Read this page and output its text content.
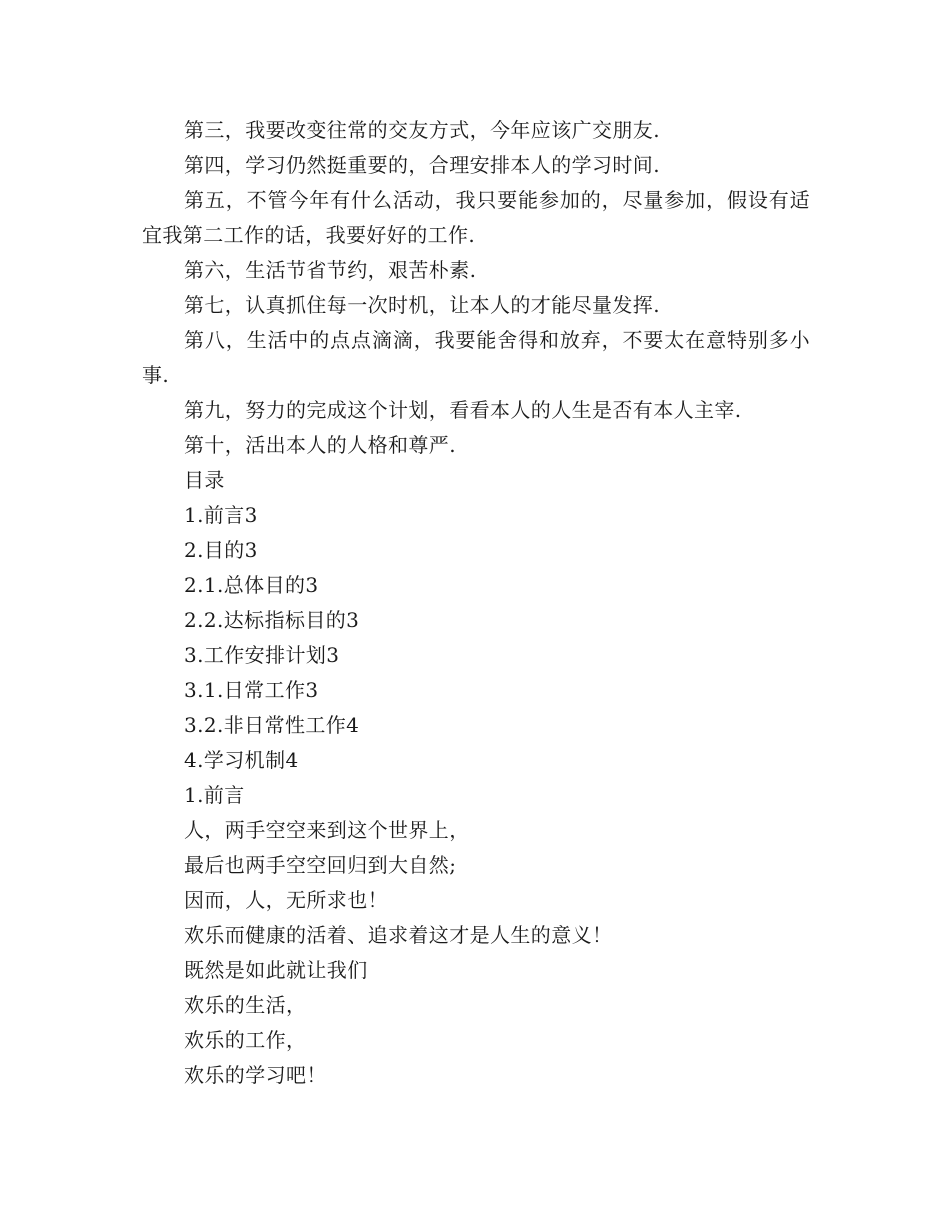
第三，我要改变往常的交友方式，今年应该广交朋友.

第四，学习仍然挺重要的，合理安排本人的学习时间.

第五，不管今年有什么活动，我只要能参加的，尽量参加，假设有适宜我第二工作的话，我要好好的工作.

第六，生活节省节约，艰苦朴素.

第七，认真抓住每一次时机，让本人的才能尽量发挥.

第八，生活中的点点滴滴，我要能舍得和放弃，不要太在意特别多小事.

第九，努力的完成这个计划，看看本人的人生是否有本人主宰.

第十，活出本人的人格和尊严.

目录

1.前言3

2.目的3

2.1.总体目的3

2.2.达标指标目的3

3.工作安排计划3

3.1.日常工作3

3.2.非日常性工作4

4.学习机制4

1.前言

人，两手空空来到这个世界上，

最后也两手空空回归到大自然;

因而，人，无所求也！

欢乐而健康的活着、追求着这才是人生的意义！

既然是如此就让我们

欢乐的生活，

欢乐的工作，

欢乐的学习吧！
